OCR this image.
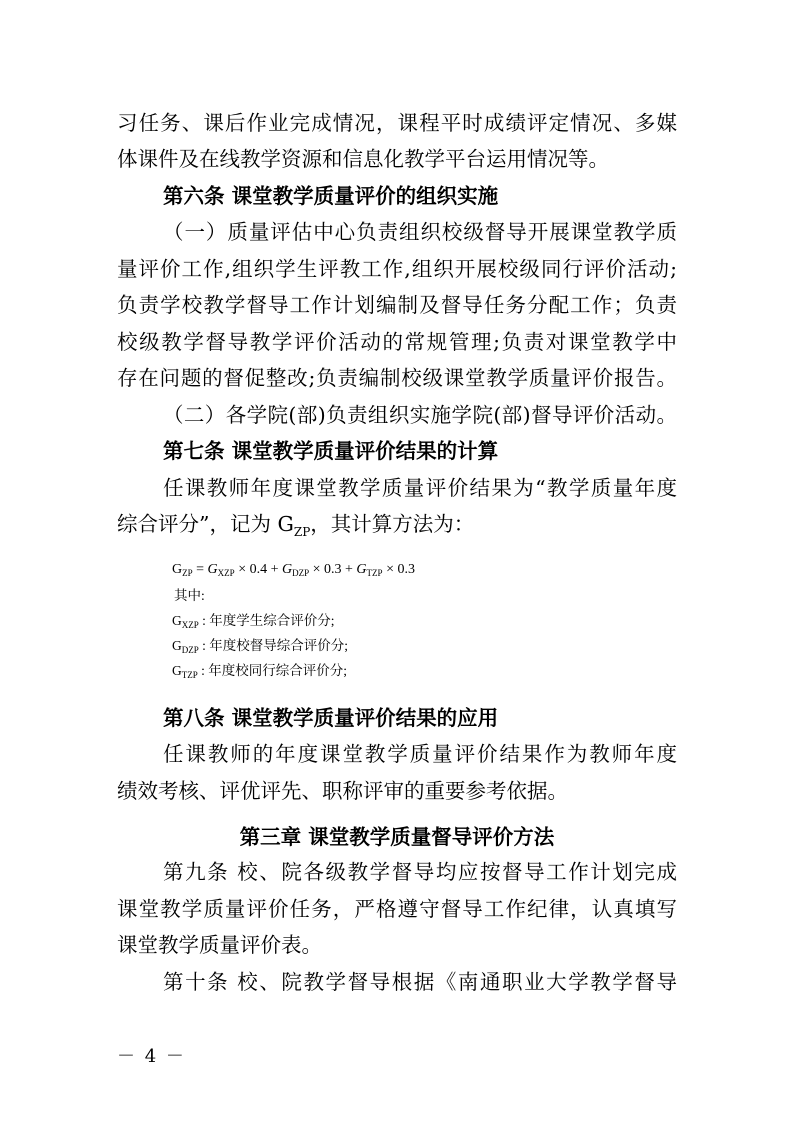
习任务、课后作业完成情况，课程平时成绩评定情况、多媒
体课件及在线教学资源和信息化教学平台运用情况等。
第六条 课堂教学质量评价的组织实施
（一）质量评估中心负责组织校级督导开展课堂教学质
量评价工作,组织学生评教工作,组织开展校级同行评价活动;
负责学校教学督导工作计划编制及督导任务分配工作；负责
校级教学督导教学评价活动的常规管理;负责对课堂教学中
存在问题的督促整改;负责编制校级课堂教学质量评价报告。
（二）各学院(部)负责组织实施学院(部)督导评价活动。
第七条 课堂教学质量评价结果的计算
任课教师年度课堂教学质量评价结果为“教学质量年度
综合评分”，记为 $G_{ZP}$，其计算方法为：
$G_{ZP} = G_{XZP} \times 0.4 + G_{DZP} \times 0.3 + G_{TZP} \times 0.3$
其中:
$G_{XZP}$ : 年度学生综合评价分;
$G_{DZP}$ : 年度校督导综合评价分;
$G_{TZP}$ : 年度校同行综合评价分;
第八条 课堂教学质量评价结果的应用
任课教师的年度课堂教学质量评价结果作为教师年度
绩效考核、评优评先、职称评审的重要参考依据。
第三章 课堂教学质量督导评价方法
第九条 校、院各级教学督导均应按督导工作计划完成
课堂教学质量评价任务，严格遵守督导工作纪律，认真填写
课堂教学质量评价表。
第十条 校、院教学督导根据《南通职业大学教学督导
－ 4 －
